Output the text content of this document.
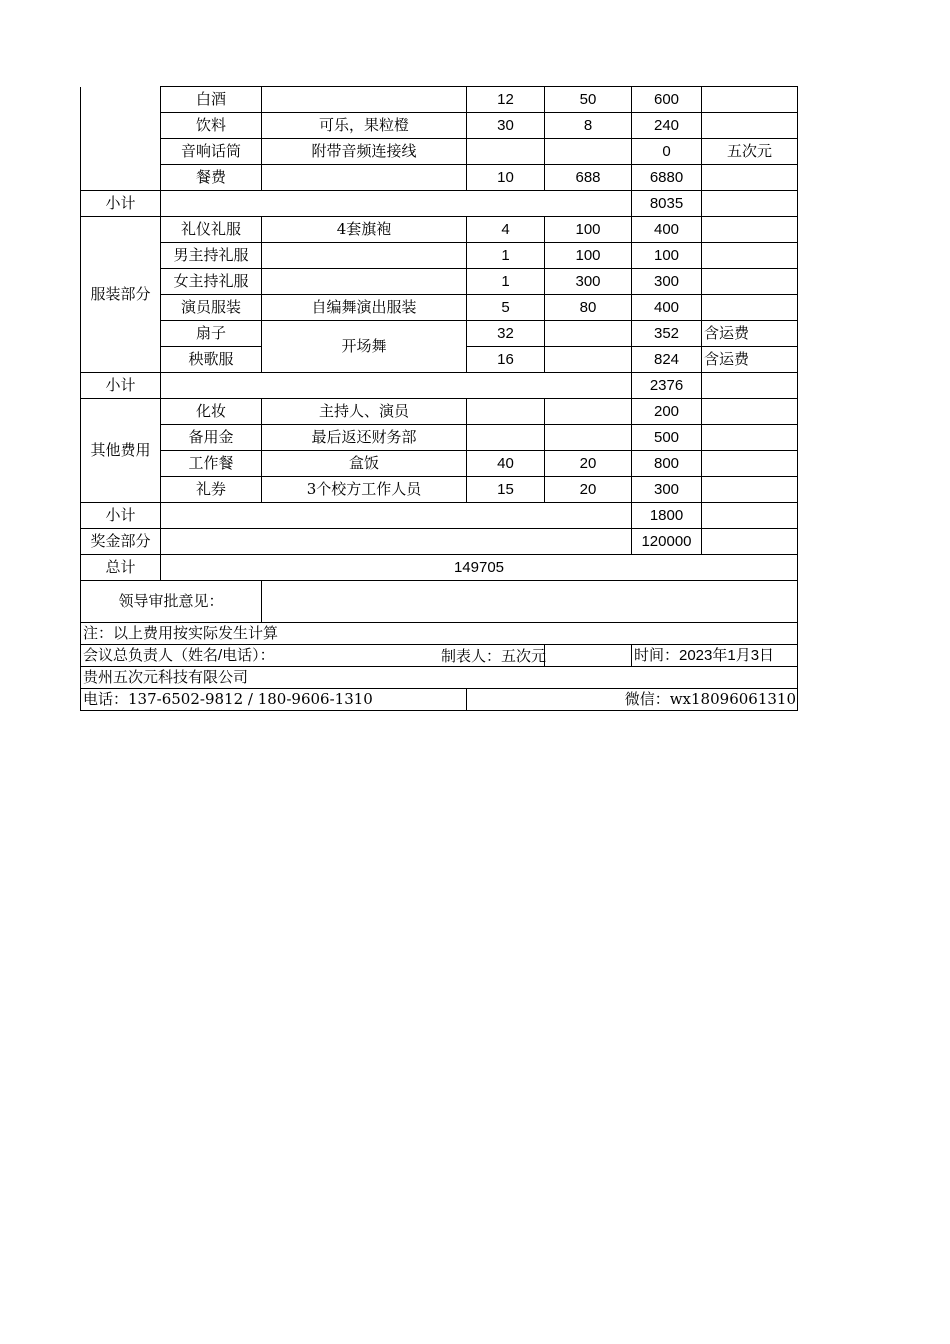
	白酒		12	50	600	
	饮料	可乐，果粒橙	30	8	240	
	音响话筒	附带音频连接线			0	五次元
	餐费		10	688	6880	
小计					8035	
服装部分	礼仪礼服	4套旗袍	4	100	400	
	男主持礼服		1	100	100	
	女主持礼服		1	300	300	
	演员服装	自编舞演出服装	5	80	400	
	扇子	开场舞	32		352	含运费
	秧歌服		16		824	含运费
小计					2376	
其他费用	化妆	主持人、演员			200	
	备用金	最后返还财务部			500	
	工作餐	盒饭	40	20	800	
	礼券	3个校方工作人员	15	20	300	
小计					1800	
奖金部分					120000	
总计	149705					
领导审批意见：						
注：以上费用按实际发生计算						
会议总负责人（姓名/电话）： 制表人：五次元					时间：2023年1月3日	
贵州五次元科技有限公司						
电话：137-6502-9812 / 180-9606-1310			微信：wx18096061310			
